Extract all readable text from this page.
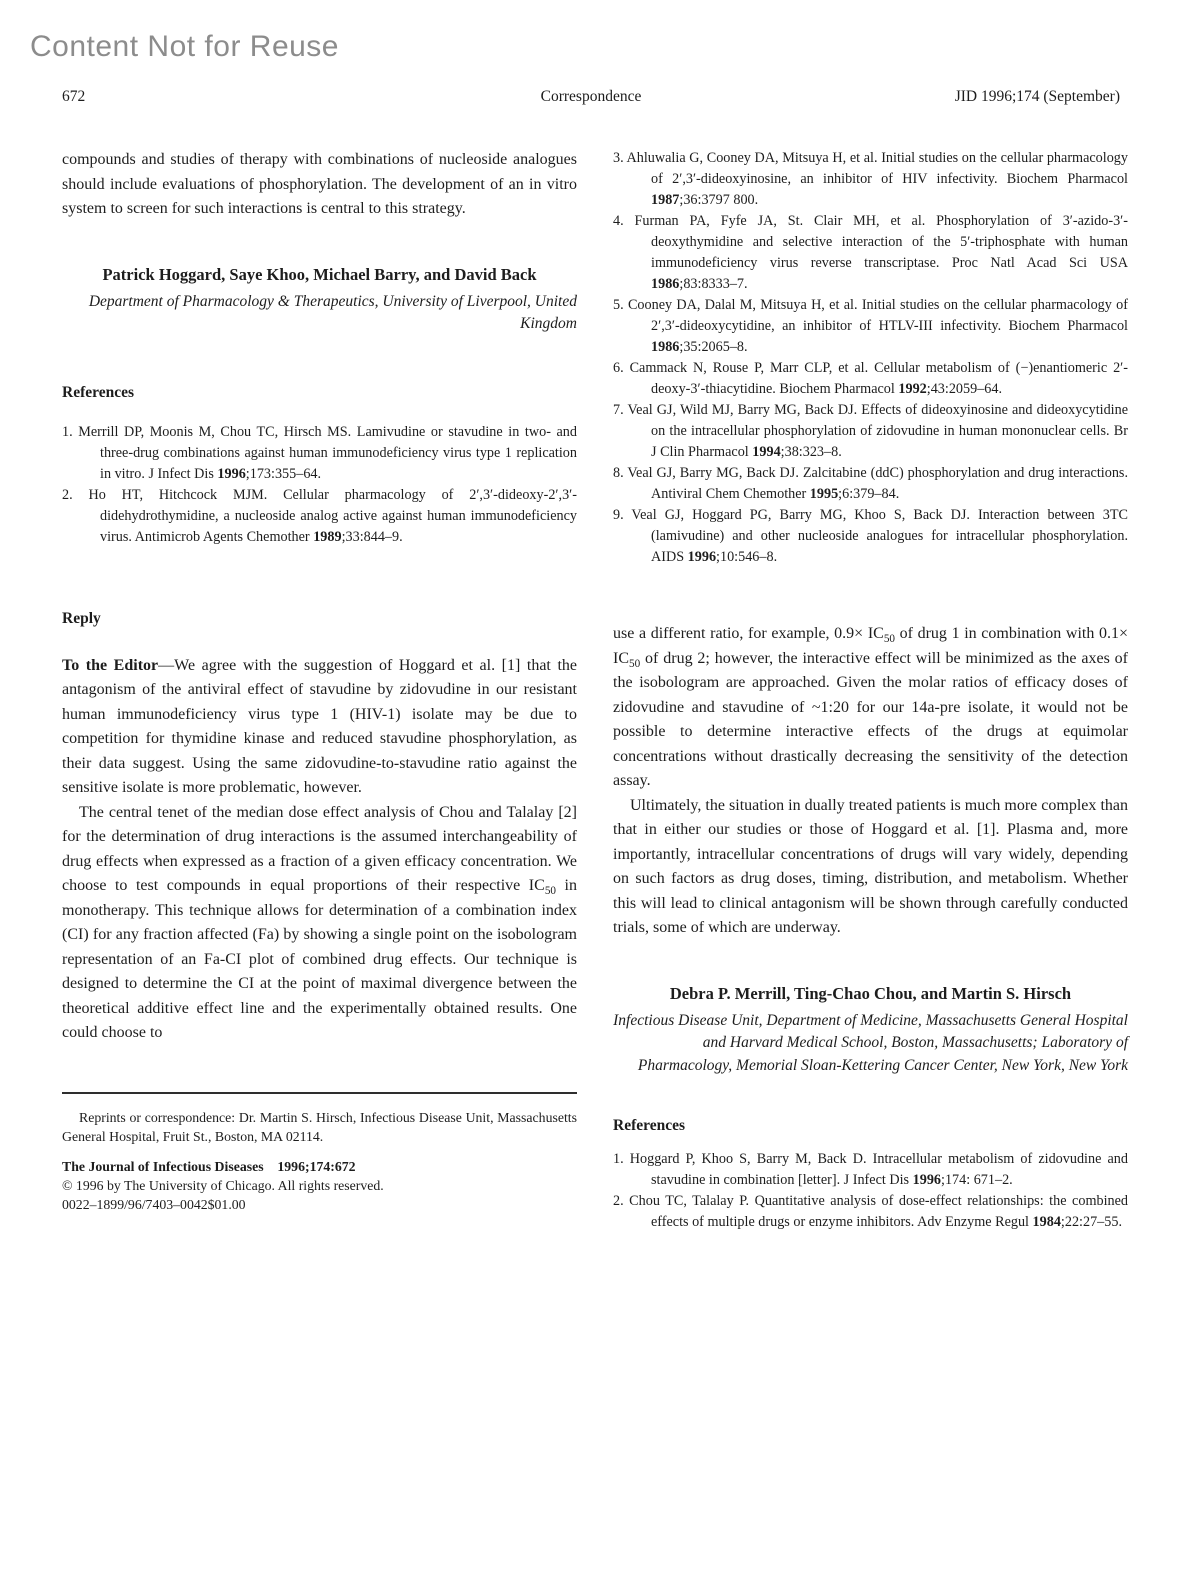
Content Not for Reuse
672	Correspondence	JID 1996;174 (September)

compounds and studies of therapy with combinations of nucleoside analogues should include evaluations of phosphorylation. The development of an in vitro system to screen for such interactions is central to this strategy.

Patrick Hoggard, Saye Khoo, Michael Barry, and David Back

Department of Pharmacology & Therapeutics, University of Liverpool, United Kingdom

References

1. Merrill DP, Moonis M, Chou TC, Hirsch MS. Lamivudine or stavudine in two- and three-drug combinations against human immunodeficiency virus type 1 replication in vitro. J Infect Dis 1996;173:355–64.

2. Ho HT, Hitchcock MJM. Cellular pharmacology of 2′,3′-dideoxy-2′,3′-didehydrothymidine, a nucleoside analog active against human immunodeficiency virus. Antimicrob Agents Chemother 1989;33:844–9.

Reply

To the Editor—We agree with the suggestion of Hoggard et al. [1] that the antagonism of the antiviral effect of stavudine by zidovudine in our resistant human immunodeficiency virus type 1 (HIV-1) isolate may be due to competition for thymidine kinase and reduced stavudine phosphorylation, as their data suggest. Using the same zidovudine-to-stavudine ratio against the sensitive isolate is more problematic, however.

The central tenet of the median dose effect analysis of Chou and Talalay [2] for the determination of drug interactions is the assumed interchangeability of drug effects when expressed as a fraction of a given efficacy concentration. We choose to test compounds in equal proportions of their respective $IC_{50}$ in monotherapy. This technique allows for determination of a combination index (CI) for any fraction affected (Fa) by showing a single point on the isobologram representation of an Fa-CI plot of combined drug effects. Our technique is designed to determine the CI at the point of maximal divergence between the theoretical additive effect line and the experimentally obtained results. One could choose to

Reprints or correspondence: Dr. Martin S. Hirsch, Infectious Disease Unit, Massachusetts General Hospital, Fruit St., Boston, MA 02114.

The Journal of Infectious Diseases    1996;174:672

© 1996 by The University of Chicago. All rights reserved.

0022–1899/96/7403–0042$01.00

3. Ahluwalia G, Cooney DA, Mitsuya H, et al. Initial studies on the cellular pharmacology of 2′,3′-dideoxyinosine, an inhibitor of HIV infectivity. Biochem Pharmacol 1987;36:3797 800.

4. Furman PA, Fyfe JA, St. Clair MH, et al. Phosphorylation of 3′-azido-3′-deoxythymidine and selective interaction of the 5′-triphosphate with human immunodeficiency virus reverse transcriptase. Proc Natl Acad Sci USA 1986;83:8333–7.

5. Cooney DA, Dalal M, Mitsuya H, et al. Initial studies on the cellular pharmacology of 2′,3′-dideoxycytidine, an inhibitor of HTLV-III infectivity. Biochem Pharmacol 1986;35:2065–8.

6. Cammack N, Rouse P, Marr CLP, et al. Cellular metabolism of (−)enantiomeric 2′-deoxy-3′-thiacytidine. Biochem Pharmacol 1992;43:2059–64.

7. Veal GJ, Wild MJ, Barry MG, Back DJ. Effects of dideoxyinosine and dideoxycytidine on the intracellular phosphorylation of zidovudine in human mononuclear cells. Br J Clin Pharmacol 1994;38:323–8.

8. Veal GJ, Barry MG, Back DJ. Zalcitabine (ddC) phosphorylation and drug interactions. Antiviral Chem Chemother 1995;6:379–84.

9. Veal GJ, Hoggard PG, Barry MG, Khoo S, Back DJ. Interaction between 3TC (lamivudine) and other nucleoside analogues for intracellular phosphorylation. AIDS 1996;10:546–8.

use a different ratio, for example, $0.9\times IC_{50}$ of drug 1 in combination with $0.1\times IC_{50}$ of drug 2; however, the interactive effect will be minimized as the axes of the isobologram are approached. Given the molar ratios of efficacy doses of zidovudine and stavudine of ~1:20 for our 14a-pre isolate, it would not be possible to determine interactive effects of the drugs at equimolar concentrations without drastically decreasing the sensitivity of the detection assay.

Ultimately, the situation in dually treated patients is much more complex than that in either our studies or those of Hoggard et al. [1]. Plasma and, more importantly, intracellular concentrations of drugs will vary widely, depending on such factors as drug doses, timing, distribution, and metabolism. Whether this will lead to clinical antagonism will be shown through carefully conducted trials, some of which are underway.

Debra P. Merrill, Ting-Chao Chou, and Martin S. Hirsch

Infectious Disease Unit, Department of Medicine, Massachusetts General Hospital and Harvard Medical School, Boston, Massachusetts; Laboratory of Pharmacology, Memorial Sloan-Kettering Cancer Center, New York, New York

References

1. Hoggard P, Khoo S, Barry M, Back D. Intracellular metabolism of zidovudine and stavudine in combination [letter]. J Infect Dis 1996;174: 671–2.

2. Chou TC, Talalay P. Quantitative analysis of dose-effect relationships: the combined effects of multiple drugs or enzyme inhibitors. Adv Enzyme Regul 1984;22:27–55.
